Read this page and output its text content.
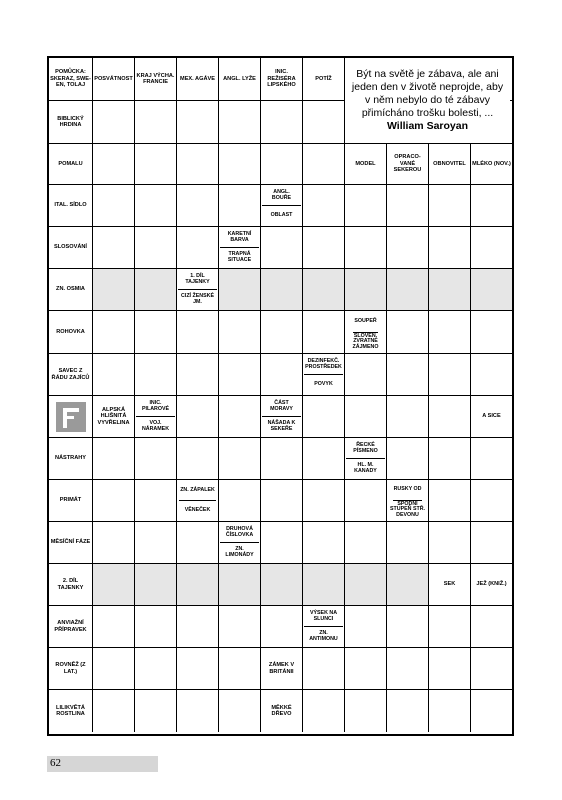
POMŮCKA: SKERAZ, SWEEN, TOLAJ
POSVÁTNOST
KRAJ VÝCHA. FRANCIE
MEX. AGÁVE	ANGL. LYŽE
INIC. REŽISÉRA LIPSKÉHO
POTÍŽ
BIBLICKÝ HRDINA
POMALU	MODEL
OPRACOVANÉ SEKEROU
OBNOVITEL	MLÉKO (NOV.)
ITAL. SÍDLO
ANGL. BOUŘE
OBLAST
SLOSOVÁNÍ
KARETNÍ BARVA
TRAPNÁ SITUACE
ZN. OSMIA
1. DÍL TAJENKY
CIZÍ ŽENSKÉ JM.
ROHOVKA
SOUPEŘ
SLOVEN. ZVRATNÉ ZÁJMENO
SAVEC Z ŘÁDU ZAJÍCŮ
DEZINFEKČ. PROSTŘEDEK
POVYK
ALPSKÁ HLIŠNITÁ VYVŘELINA
INIC. PILAROVÉ
VOJ. NÁRAMEK
ČÁST MORAVY
NÁŠADA K SEKEŘE
A SICE
NÁSTRAHY
ŘECKÉ PÍSMENO
HL. M. KANADY
PRIMÁT
ZN. ZÁPALEK
VĚNEČEK
RUSKY OD
SPODNÍ STUPEŇ STŘ. DEVONU
MĚSÍČNÍ FÁZE
DRUHOVÁ ČÍSLOVKA
ZN. LIMONÁDY
2. DÍL TAJENKY
SEK	JEŽ (KNIŽ.)
ANVIAŽNÍ PŘÍPRAVEK
VÝSEK NA SLUNCI
ZN. ANTIMONU
ROVNĚŽ (Z LAT.)
ZÁMEK V BRITÁNII
LILIKVĚTÁ ROSTLINA
MĚKKÉ DŘEVO
Být na světě je zábava, ale ani jeden den v životě neprojde, aby v něm nebylo do té zábavy přimícháno trošku bolesti, ...
William Saroyan
62
